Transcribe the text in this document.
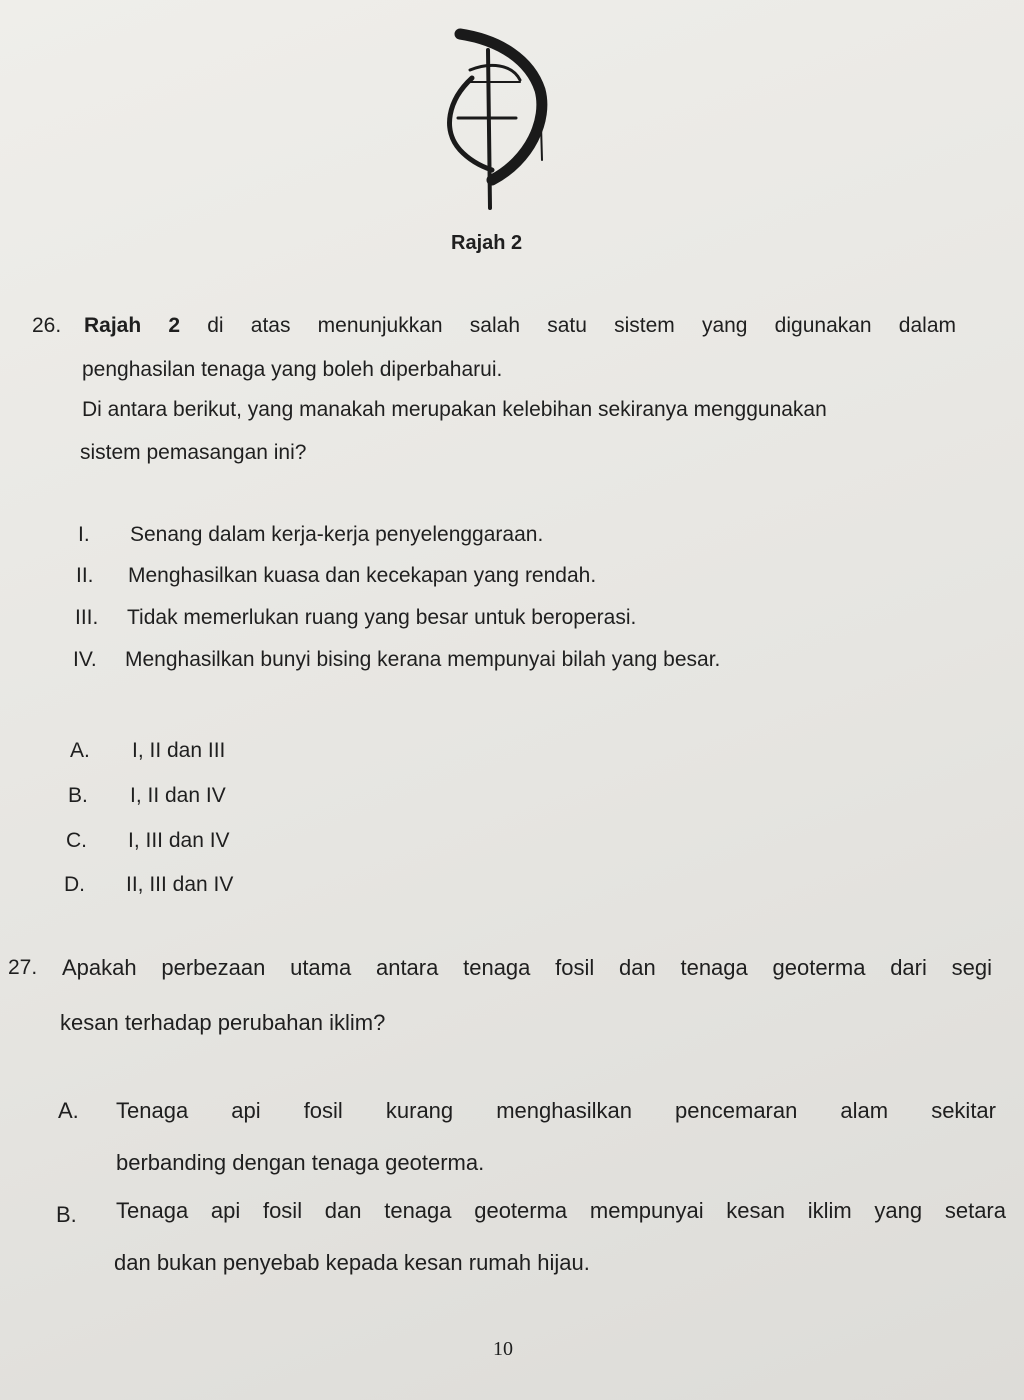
Rajah 2
26. Rajah 2 di atas menunjukkan salah satu sistem yang digunakan dalam
penghasilan tenaga yang boleh diperbaharui.
Di antara berikut, yang manakah merupakan kelebihan sekiranya menggunakan
sistem pemasangan ini?
I. Senang dalam kerja-kerja penyelenggaraan.
II. Menghasilkan kuasa dan kecekapan yang rendah.
III. Tidak memerlukan ruang yang besar untuk beroperasi.
IV. Menghasilkan bunyi bising kerana mempunyai bilah yang besar.
A. I, II dan III
B. I, II dan IV
C. I, III dan IV
D. II, III dan IV
27. Apakah perbezaan utama antara tenaga fosil dan tenaga geoterma dari segi
kesan terhadap perubahan iklim?
A. Tenaga api fosil kurang menghasilkan pencemaran alam sekitar
berbanding dengan tenaga geoterma.
B. Tenaga api fosil dan tenaga geoterma mempunyai kesan iklim yang setara
dan bukan penyebab kepada kesan rumah hijau.
10
